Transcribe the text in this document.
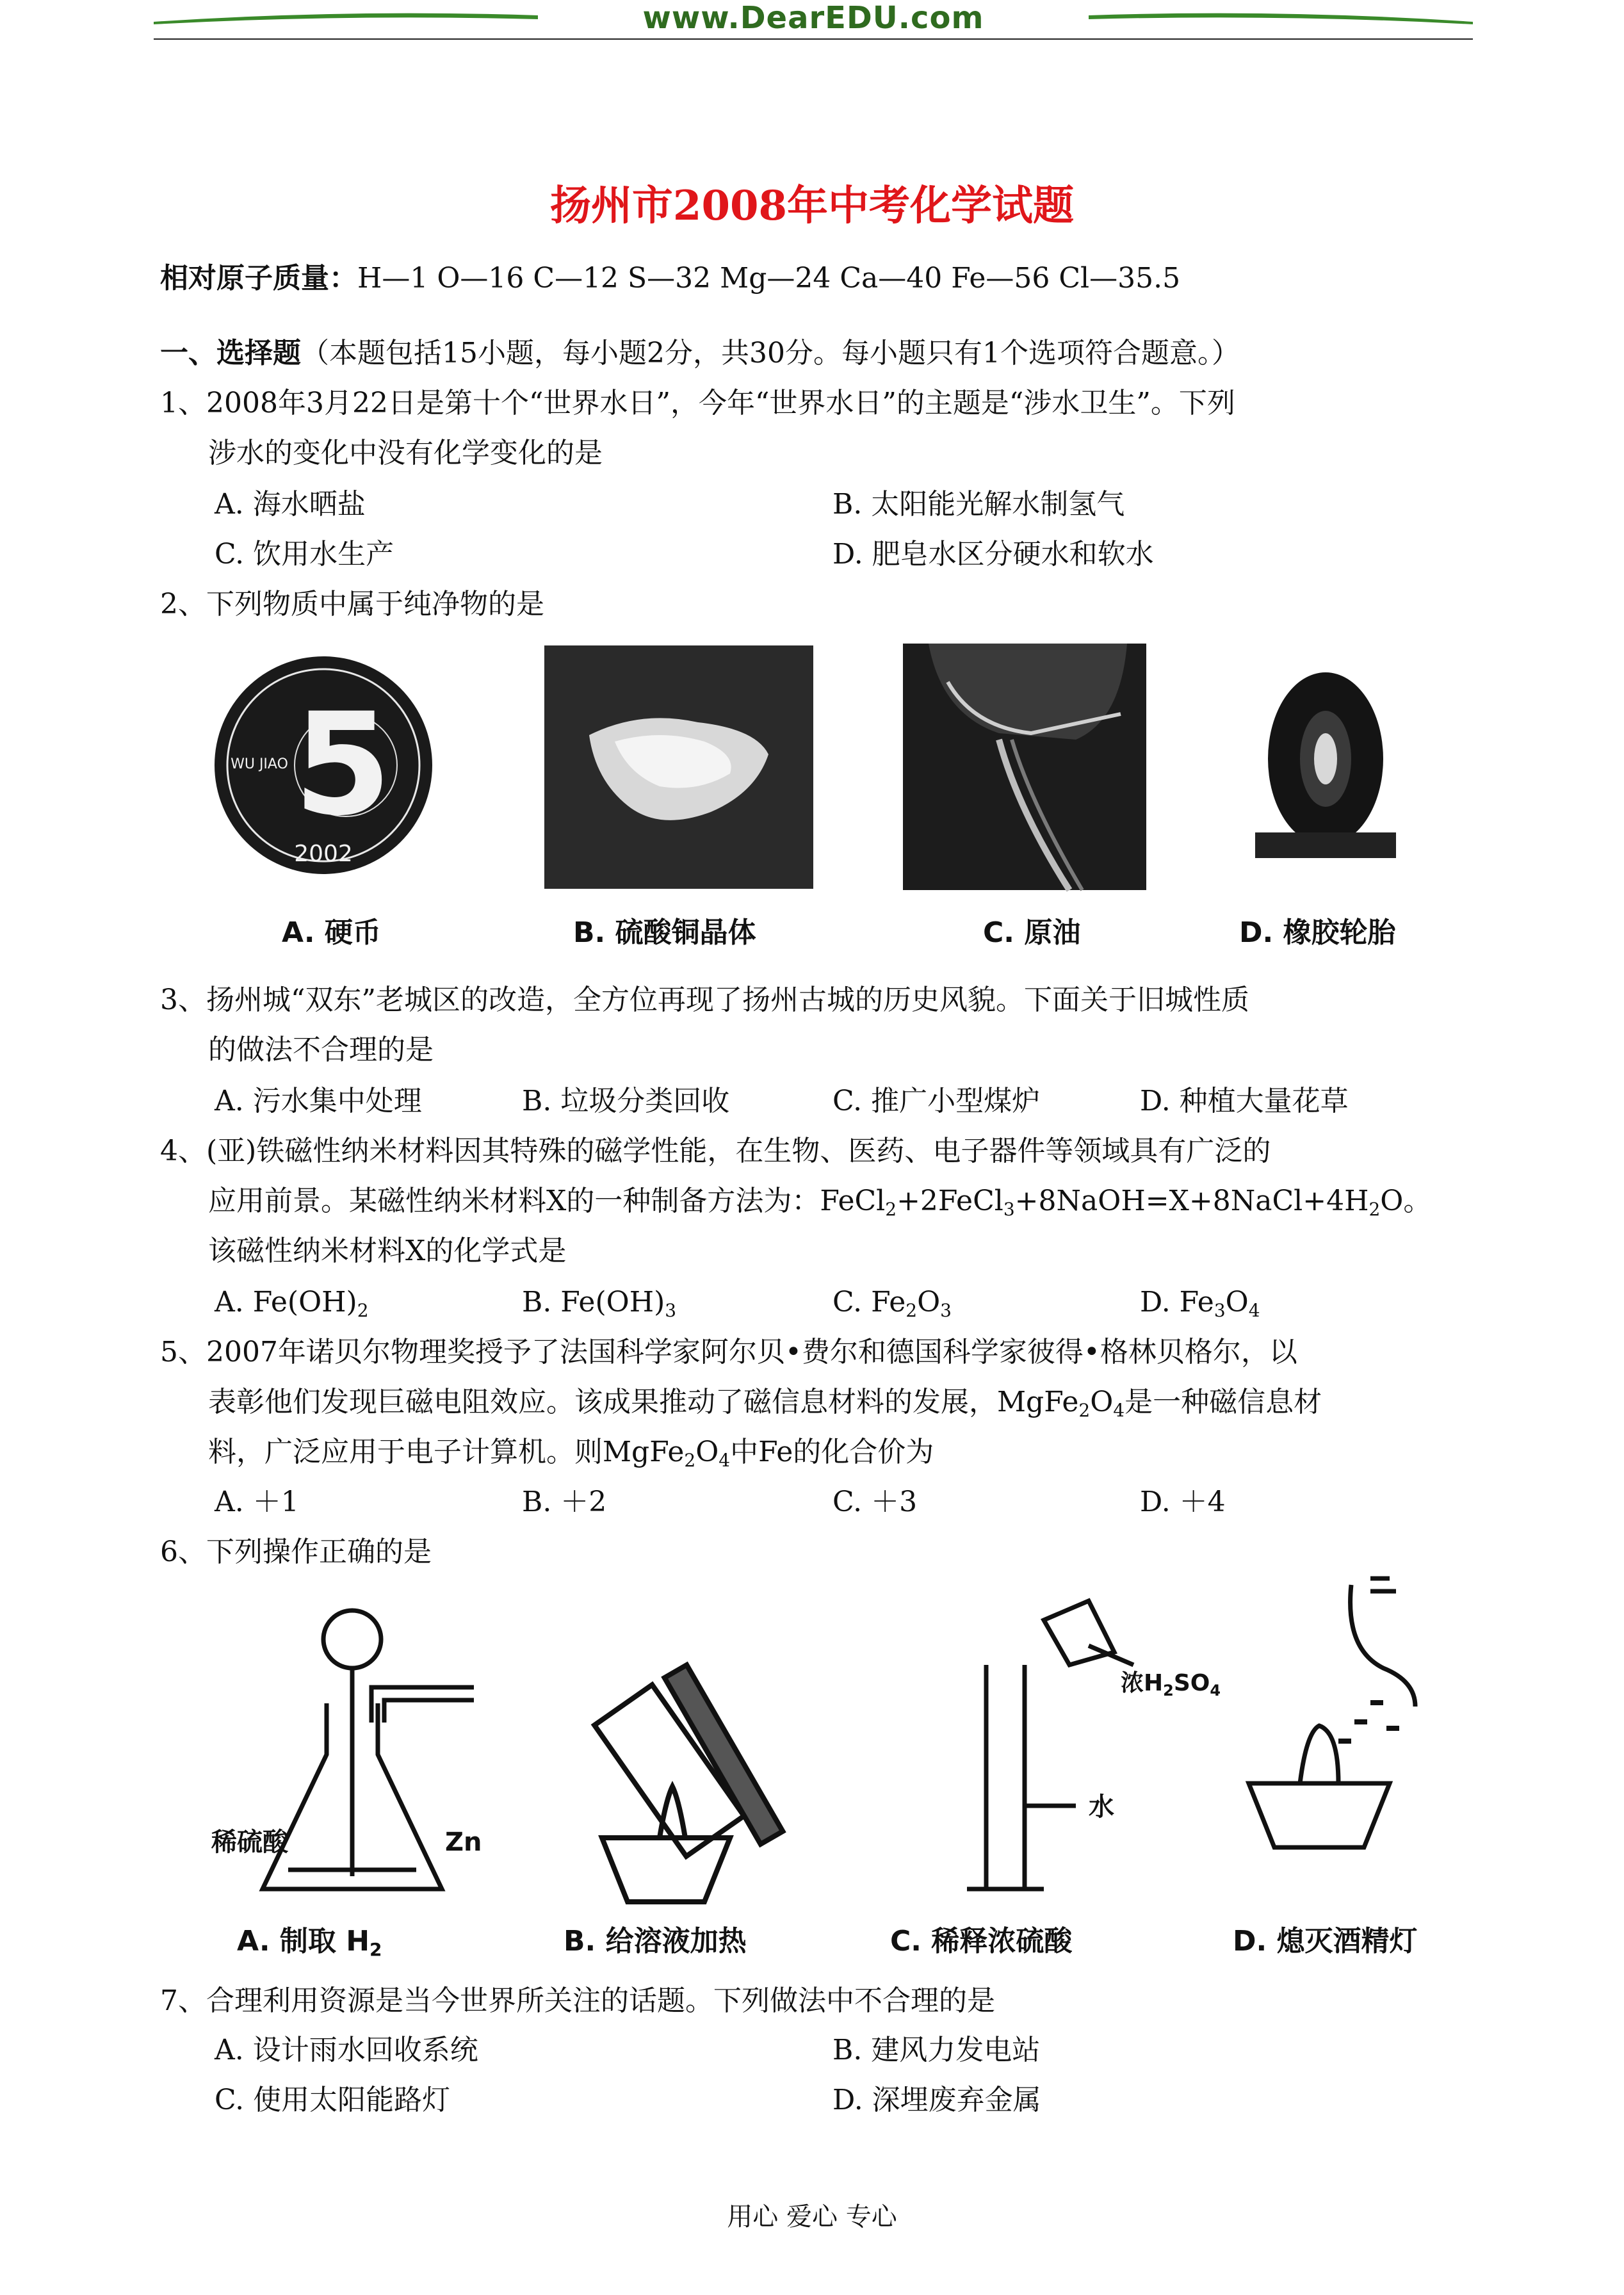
www.DearEDU.com
扬州市2008年中考化学试题
相对原子质量：H—1 O—16 C—12 S—32 Mg—24 Ca—40 Fe—56 Cl—35.5
一、选择题（本题包括15小题，每小题2分，共30分。每小题只有1个选项符合题意。）
1、2008年3月22日是第十个“世界水日”，今年“世界水日”的主题是“涉水卫生”。下列
涉水的变化中没有化学变化的是
A. 海水晒盐	B. 太阳能光解水制氢气
C. 饮用水生产	D. 肥皂水区分硬水和软水
2、下列物质中属于纯净物的是
5
2002
WU JIAO
A. 硬币	B. 硫酸铜晶体	C. 原油	D. 橡胶轮胎
3、扬州城“双东”老城区的改造，全方位再现了扬州古城的历史风貌。下面关于旧城性质
的做法不合理的是
A. 污水集中处理	B. 垃圾分类回收	C. 推广小型煤炉	D. 种植大量花草
4、(亚)铁磁性纳米材料因其特殊的磁学性能，在生物、医药、电子器件等领域具有广泛的
应用前景。某磁性纳米材料X的一种制备方法为：$FeCl_2+2FeCl_3+8NaOH=X+8NaCl+4H_2O$。
该磁性纳米材料X的化学式是
A. $Fe(OH)_2$	B. $Fe(OH)_3$	C. $Fe_2O_3$	D. $Fe_3O_4$
5、2007年诺贝尔物理奖授予了法国科学家阿尔贝•费尔和德国科学家彼得•格林贝格尔，以
表彰他们发现巨磁电阻效应。该成果推动了磁信息材料的发展，$MgFe_2O_4$是一种磁信息材
料，广泛应用于电子计算机。则$MgFe_2O_4$中Fe的化合价为
A. ＋1	B. ＋2	C. ＋3	D. ＋4
6、下列操作正确的是
稀硫酸	Zn
浓$H_2SO_4$
水
A. 制取 $H_2$	B. 给溶液加热	C. 稀释浓硫酸	D. 熄灭酒精灯
7、合理利用资源是当今世界所关注的话题。下列做法中不合理的是
A. 设计雨水回收系统	B. 建风力发电站
C. 使用太阳能路灯	D. 深埋废弃金属
用心 爱心 专心
